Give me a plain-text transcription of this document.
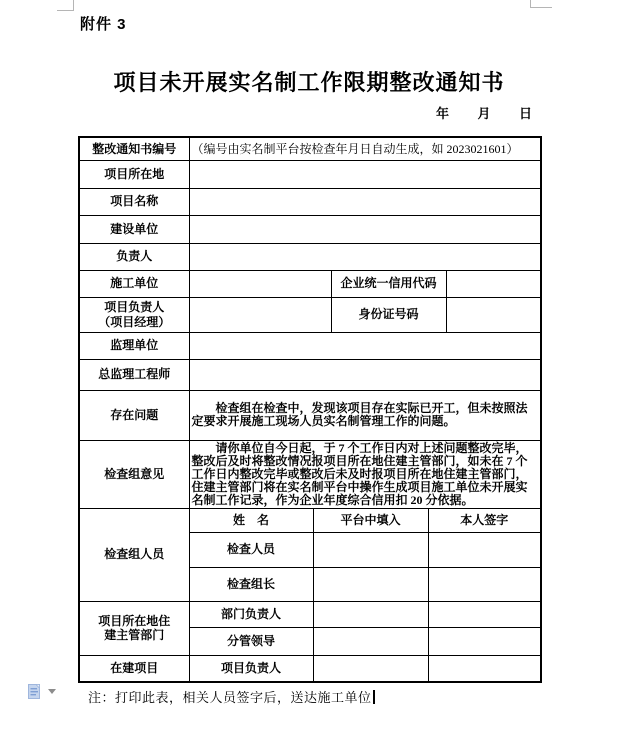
附件 3
项目未开展实名制工作限期整改通知书
年 月 日
整改通知书编号	（编号由实名制平台按检查年月日自动生成，如 2023021601）				
项目所在地					
项目名称					
建设单位					
负责人					
施工单位			企业统一信用代码		
项目负责人
（项目经理）			身份证号码		
监理单位					
总监理工程师					
存在问题	检查组在检查中，发现该项目存在实际已开工，但未按照法定要求开展施工现场人员实名制管理工作的问题。				

检查组意见	请你单位自今日起，于 7 个工作日内对上述问题整改完毕，整改后及时将整改情况报项目所在地住建主管部门，如未在 7 个工作日内整改完毕或整改后未及时报项目所在地住建主管部门，住建主管部门将在实名制平台中操作生成项目施工单位未开展实名制工作记录，作为企业年度综合信用扣 20 分依据。				

检查组人员	姓　名	平台中填入		本人签字	
	检查人员				
	检查组长				
项目所在地住
建主管部门	部门负责人				
	分管领导				
在建项目	项目负责人				
注：打印此表，相关人员签字后，送达施工单位
